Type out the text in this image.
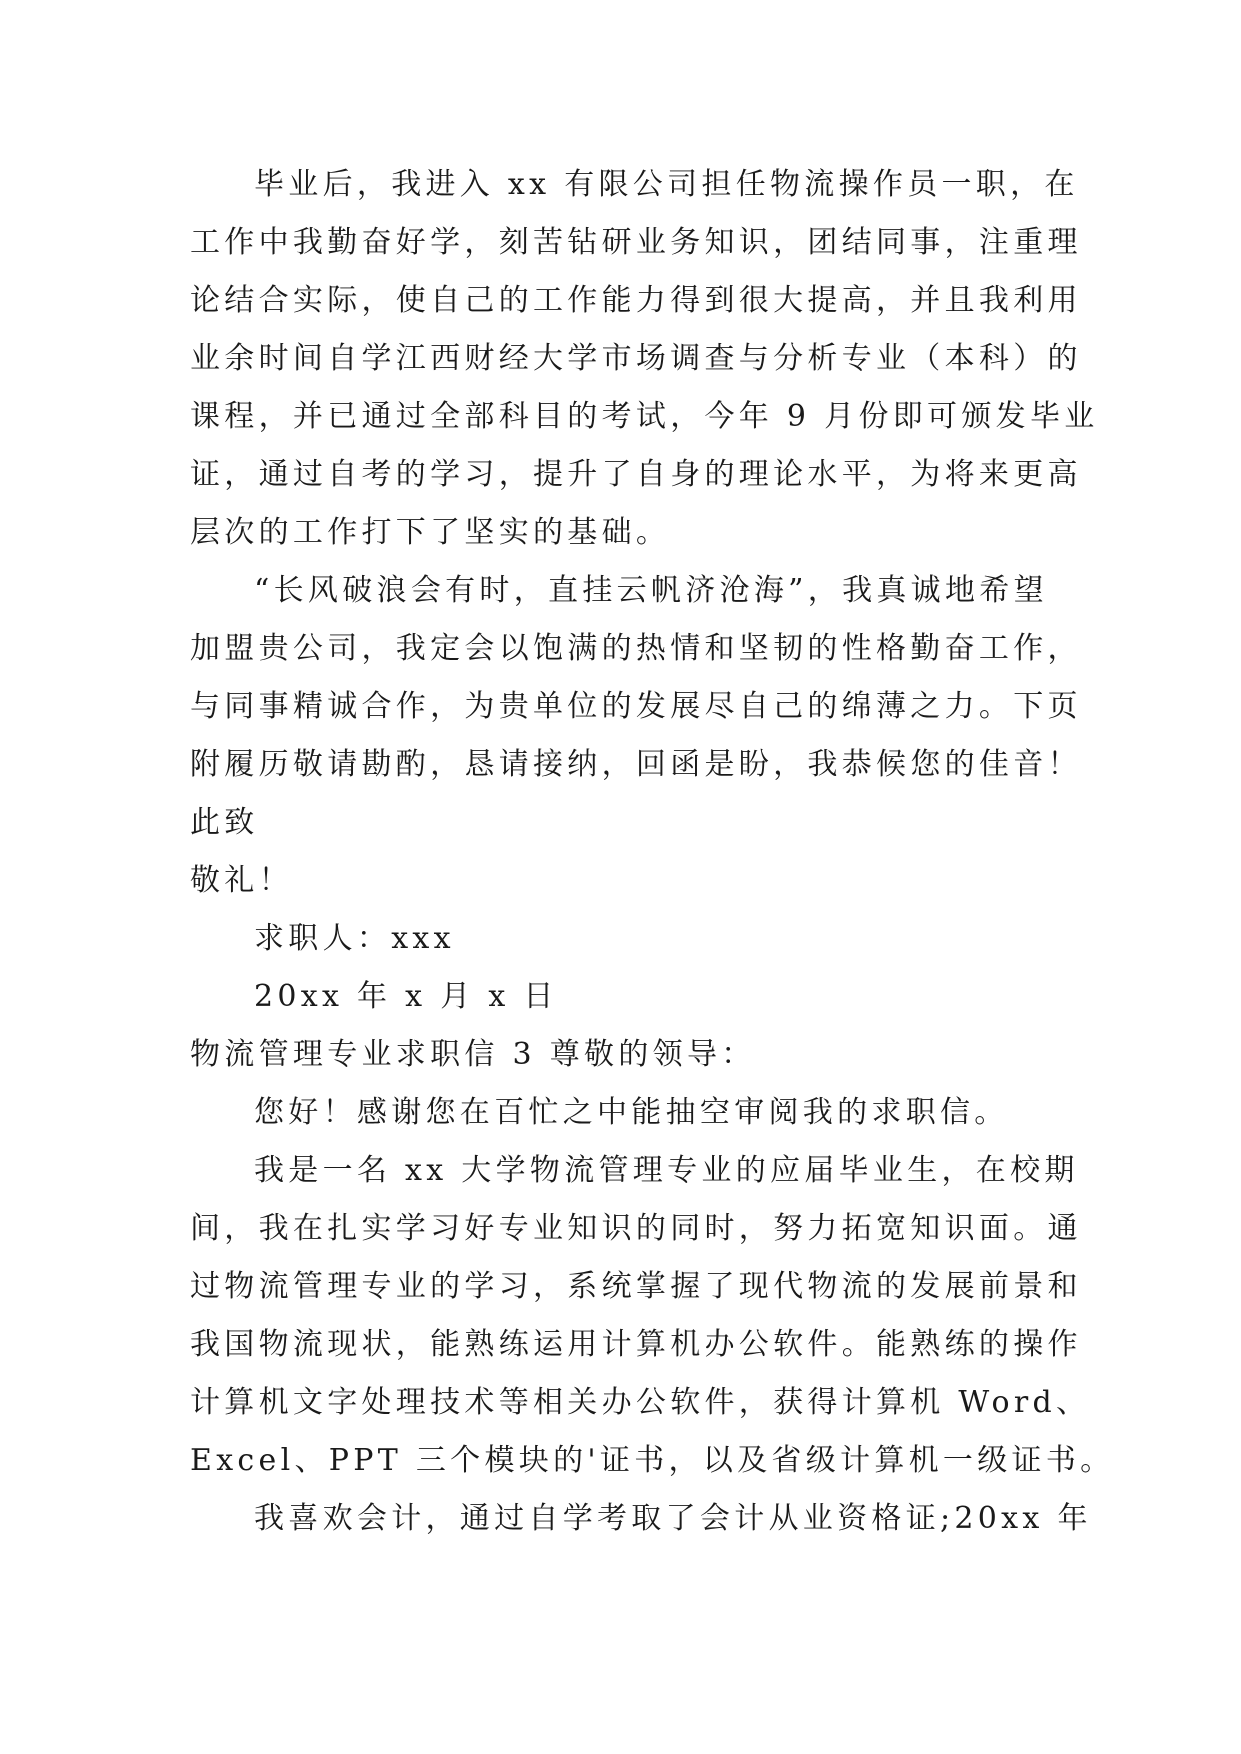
毕业后，我进入 xx 有限公司担任物流操作员一职，在
工作中我勤奋好学，刻苦钻研业务知识，团结同事，注重理
论结合实际，使自己的工作能力得到很大提高，并且我利用
业余时间自学江西财经大学市场调查与分析专业（本科）的
课程，并已通过全部科目的考试，今年 9 月份即可颁发毕业
证，通过自考的学习，提升了自身的理论水平，为将来更高
层次的工作打下了坚实的基础。
“长风破浪会有时，直挂云帆济沧海”，我真诚地希望
加盟贵公司，我定会以饱满的热情和坚韧的性格勤奋工作，
与同事精诚合作，为贵单位的发展尽自己的绵薄之力。下页
附履历敬请勘酌，恳请接纳，回函是盼，我恭候您的佳音！
此致
敬礼！
求职人：xxx
20xx 年 x 月 x 日
物流管理专业求职信 3 尊敬的领导：
您好！感谢您在百忙之中能抽空审阅我的求职信。
我是一名 xx 大学物流管理专业的应届毕业生，在校期
间，我在扎实学习好专业知识的同时，努力拓宽知识面。通
过物流管理专业的学习，系统掌握了现代物流的发展前景和
我国物流现状，能熟练运用计算机办公软件。能熟练的操作
计算机文字处理技术等相关办公软件，获得计算机 Word、
Excel、PPT 三个模块的'证书，以及省级计算机一级证书。
我喜欢会计，通过自学考取了会计从业资格证;20xx 年
